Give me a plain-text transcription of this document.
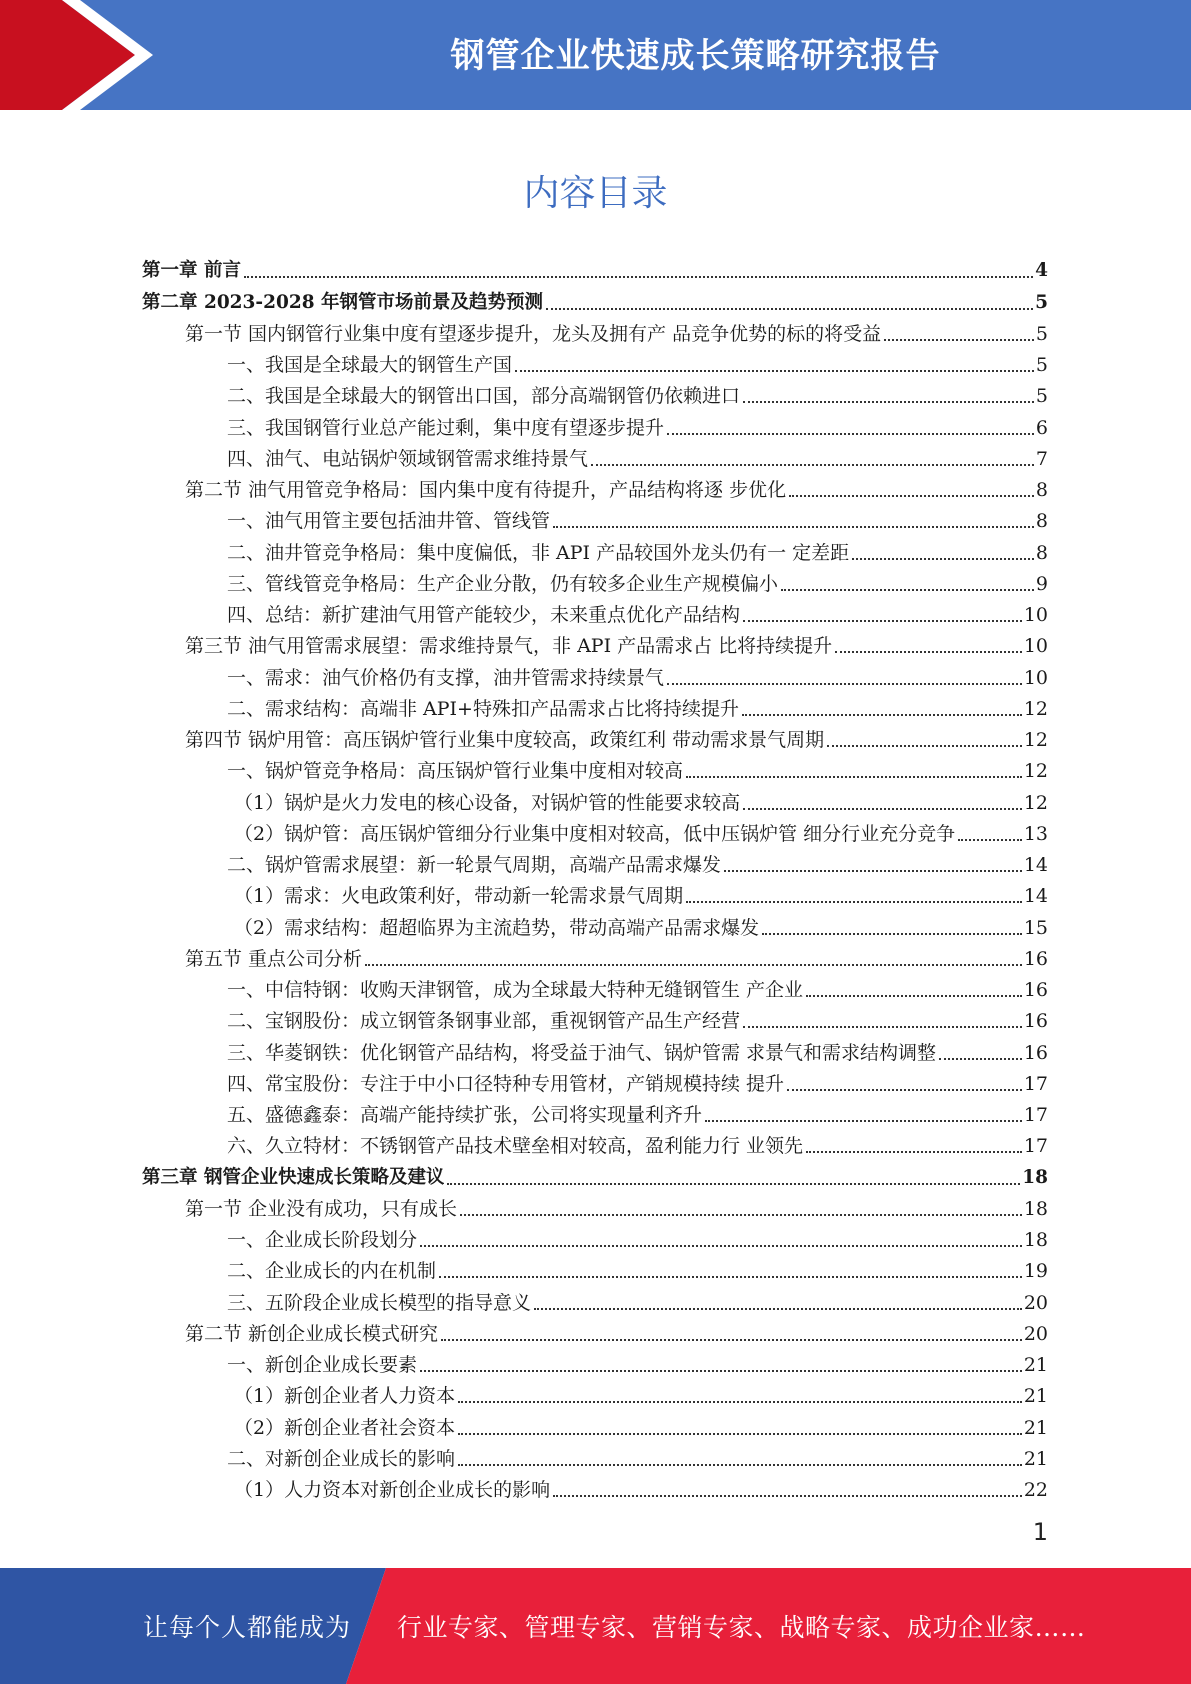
钢管企业快速成长策略研究报告
内容目录
第一章 前言	4
第二章 2023-2028 年钢管市场前景及趋势预测	5
第一节 国内钢管行业集中度有望逐步提升，龙头及拥有产 品竞争优势的标的将受益	5
一、我国是全球最大的钢管生产国	5
二、我国是全球最大的钢管出口国，部分高端钢管仍依赖进口	5
三、我国钢管行业总产能过剩，集中度有望逐步提升	6
四、油气、电站锅炉领域钢管需求维持景气	7
第二节 油气用管竞争格局：国内集中度有待提升，产品结构将逐 步优化	8
一、油气用管主要包括油井管、管线管	8
二、油井管竞争格局：集中度偏低，非 API 产品较国外龙头仍有一 定差距	8
三、管线管竞争格局：生产企业分散，仍有较多企业生产规模偏小	9
四、总结：新扩建油气用管产能较少，未来重点优化产品结构	10
第三节 油气用管需求展望：需求维持景气，非 API 产品需求占 比将持续提升	10
一、需求：油气价格仍有支撑，油井管需求持续景气	10
二、需求结构：高端非 API+特殊扣产品需求占比将持续提升	12
第四节 锅炉用管：高压锅炉管行业集中度较高，政策红利 带动需求景气周期	12
一、锅炉管竞争格局：高压锅炉管行业集中度相对较高	12
（1）锅炉是火力发电的核心设备，对锅炉管的性能要求较高	12
（2）锅炉管：高压锅炉管细分行业集中度相对较高，低中压锅炉管 细分行业充分竞争	13
二、锅炉管需求展望：新一轮景气周期，高端产品需求爆发	14
（1）需求：火电政策利好，带动新一轮需求景气周期	14
（2）需求结构：超超临界为主流趋势，带动高端产品需求爆发	15
第五节 重点公司分析	16
一、中信特钢：收购天津钢管，成为全球最大特种无缝钢管生 产企业	16
二、宝钢股份：成立钢管条钢事业部，重视钢管产品生产经营	16
三、华菱钢铁：优化钢管产品结构，将受益于油气、锅炉管需 求景气和需求结构调整	16
四、常宝股份：专注于中小口径特种专用管材，产销规模持续 提升	17
五、盛德鑫泰：高端产能持续扩张，公司将实现量利齐升	17
六、久立特材：不锈钢管产品技术壁垒相对较高，盈利能力行 业领先	17
第三章 钢管企业快速成长策略及建议	18
第一节 企业没有成功，只有成长	18
一、企业成长阶段划分	18
二、企业成长的内在机制	19
三、五阶段企业成长模型的指导意义	20
第二节 新创企业成长模式研究	20
一、新创企业成长要素	21
（1）新创企业者人力资本	21
（2）新创企业者社会资本	21
二、对新创企业成长的影响	21
（1）人力资本对新创企业成长的影响	22
1
让每个人都能成为 行业专家、管理专家、营销专家、战略专家、成功企业家……
